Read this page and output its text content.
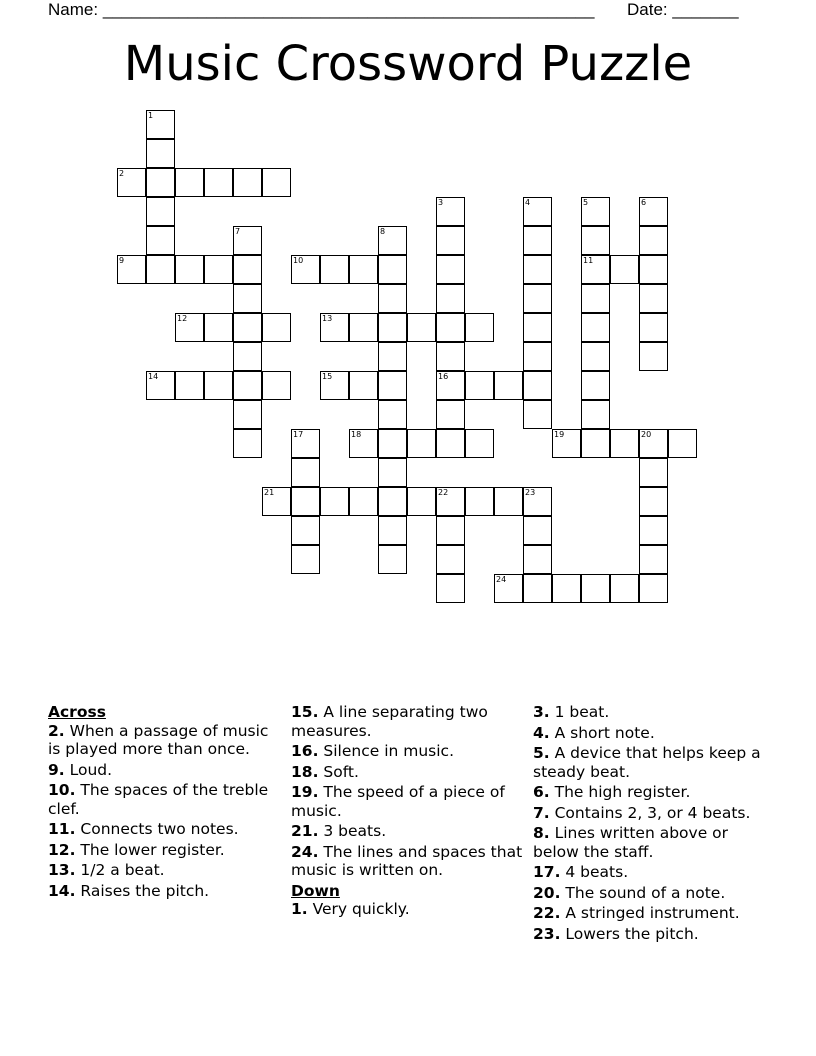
Name: ____________________________________________________ Date: _______
Music Crossword Puzzle
1
2
3
16
4	5
11
6
7	8
9	10
12	13
14	15
17	18	19	20
21	22	23
24
Across
2. When a passage of music is played more than once.
9. Loud.
10. The spaces of the treble clef.
11. Connects two notes.
12. The lower register.
13. 1/2 a beat.
14. Raises the pitch.
15. A line separating two measures.
16. Silence in music.
18. Soft.
19. The speed of a piece of music.
21. 3 beats.
24. The lines and spaces that music is written on.
Down
1. Very quickly.
3. 1 beat.
4. A short note.
5. A device that helps keep a steady beat.
6. The high register.
7. Contains 2, 3, or 4 beats.
8. Lines written above or below the staff.
17. 4 beats.
20. The sound of a note.
22. A stringed instrument.
23. Lowers the pitch.
